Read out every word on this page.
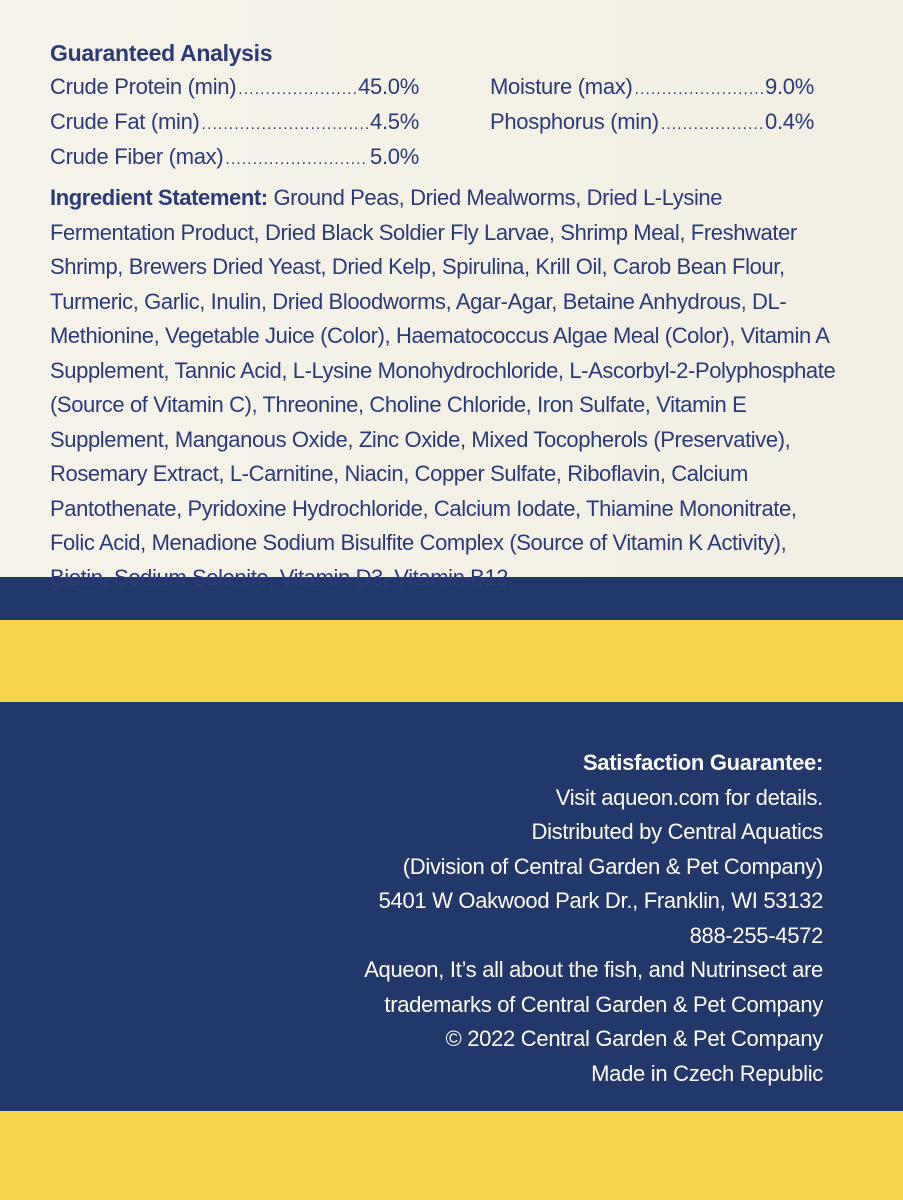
Guaranteed Analysis
Crude Protein (min) .....	45.0%
Crude Fat (min) .....	4.5%
Crude Fiber (max) .....	5.0%
Moisture (max) .....	9.0%
Phosphorus (min) .....	0.4%
Ingredient Statement: Ground Peas, Dried Mealworms, Dried L-Lysine Fermentation Product, Dried Black Soldier Fly Larvae, Shrimp Meal, Freshwater Shrimp, Brewers Dried Yeast, Dried Kelp, Spirulina, Krill Oil, Carob Bean Flour, Turmeric, Garlic, Inulin, Dried Bloodworms, Agar-Agar, Betaine Anhydrous, DL-Methionine, Vegetable Juice (Color), Haematococcus Algae Meal (Color), Vitamin A Supplement, Tannic Acid, L-Lysine Monohydrochloride, L-Ascorbyl-2-Polyphosphate (Source of Vitamin C), Threonine, Choline Chloride, Iron Sulfate, Vitamin E Supplement, Manganous Oxide, Zinc Oxide, Mixed Tocopherols (Preservative), Rosemary Extract, L-Carnitine, Niacin, Copper Sulfate, Riboflavin, Calcium Pantothenate, Pyridoxine Hydrochloride, Calcium Iodate, Thiamine Mononitrate, Folic Acid, Menadione Sodium Bisulfite Complex (Source of Vitamin K Activity), Biotin, Sodium Selenite, Vitamin D3, Vitamin B12.
Satisfaction Guarantee:
Visit aqueon.com for details.
Distributed by Central Aquatics
(Division of Central Garden & Pet Company)
5401 W Oakwood Park Dr., Franklin, WI 53132
888-255-4572
Aqueon, It’s all about the fish, and Nutrinsect are
trademarks of Central Garden & Pet Company
© 2022 Central Garden & Pet Company
Made in Czech Republic
